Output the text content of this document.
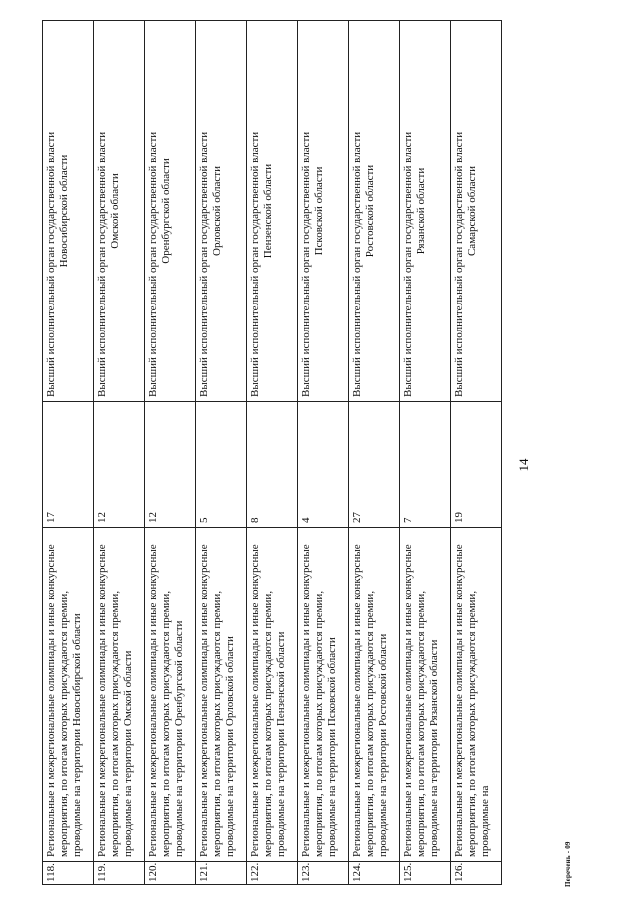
118.	Региональные и межрегиональные олимпиады и иные конкурсные мероприятия, по итогам которых присуждаются премии, проводимые на территории Новосибирской области	17	Высший исполнительный орган государственной власти Новосибирской области

119.	Региональные и межрегиональные олимпиады и иные конкурсные мероприятия, по итогам которых присуждаются премии, проводимые на территории Омской области	12	Высший исполнительный орган государственной власти Омской области

120.	Региональные и межрегиональные олимпиады и иные конкурсные мероприятия, по итогам которых присуждаются премии, проводимые на территории Оренбургской области	12	Высший исполнительный орган государственной власти Оренбургской области

121.	Региональные и межрегиональные олимпиады и иные конкурсные мероприятия, по итогам которых присуждаются премии, проводимые на территории Орловской области	5	Высший исполнительный орган государственной власти Орловской области

122.	Региональные и межрегиональные олимпиады и иные конкурсные мероприятия, по итогам которых присуждаются премии, проводимые на территории Пензенской области	8	Высший исполнительный орган государственной власти Пензенской области

123.	Региональные и межрегиональные олимпиады и иные конкурсные мероприятия, по итогам которых присуждаются премии, проводимые на территории Псковской области	4	Высший исполнительный орган государственной власти Псковской области

124.	Региональные и межрегиональные олимпиады и иные конкурсные мероприятия, по итогам которых присуждаются премии, проводимые на территории Ростовской области	27	Высший исполнительный орган государственной власти Ростовской области

125.	Региональные и межрегиональные олимпиады и иные конкурсные мероприятия, по итогам которых присуждаются премии, проводимые на территории Рязанской области	7	Высший исполнительный орган государственной власти Рязанской области

126.	Региональные и межрегиональные олимпиады и иные конкурсные мероприятия, по итогам которых присуждаются премии, проводимые на	19	Высший исполнительный орган государственной власти Самарской области
14
Перечень - 09
